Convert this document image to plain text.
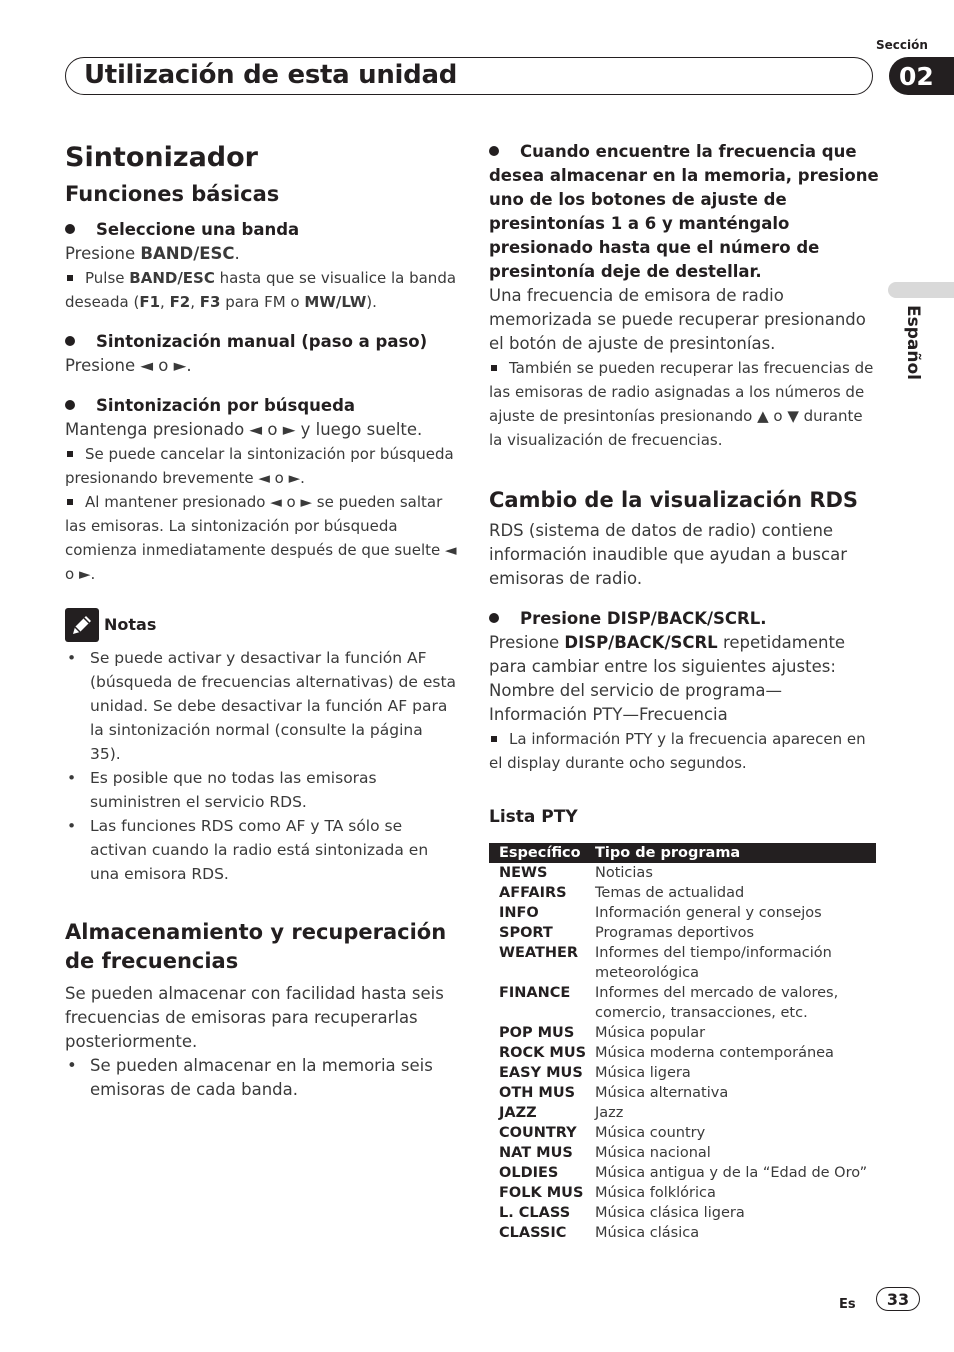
Sección
Utilización de esta unidad	02
Español
Sintonizador
Funciones básicas

Seleccione una banda

Presione BAND/ESC.

Pulse BAND/ESC hasta que se visualice la banda deseada (F1, F2, F3 para FM o MW/LW).

Sintonización manual (paso a paso)

Presione ◄ o ►.

Sintonización por búsqueda

Mantenga presionado ◄ o ► y luego suelte.

Se puede cancelar la sintonización por búsqueda presionando brevemente ◄ o ►.

Al mantener presionado ◄ o ► se pueden saltar las emisoras. La sintonización por búsqueda comienza inmediatamente después de que suelte ◄ o ►.

Notas
• Se puede activar y desactivar la función AF (búsqueda de frecuencias alternativas) de esta unidad. Se debe desactivar la función AF para la sintonización normal (consulte la página 35).
• Es posible que no todas las emisoras suministren el servicio RDS.
• Las funciones RDS como AF y TA sólo se activan cuando la radio está sintonizada en una emisora RDS.
Almacenamiento y recuperación de frecuencias

Se pueden almacenar con facilidad hasta seis frecuencias de emisoras para recuperarlas posteriormente.

• Se pueden almacenar en la memoria seis emisoras de cada banda.

Cuando encuentre la frecuencia que desea almacenar en la memoria, presione uno de los botones de ajuste de presintonías 1 a 6 y manténgalo presionado hasta que el número de presintonía deje de destellar.

Una frecuencia de emisora de radio memorizada se puede recuperar presionando el botón de ajuste de presintonías.

También se pueden recuperar las frecuencias de las emisoras de radio asignadas a los números de ajuste de presintonías presionando ▲ o ▼ durante la visualización de frecuencias.

Cambio de la visualización RDS

RDS (sistema de datos de radio) contiene información inaudible que ayudan a buscar emisoras de radio.

Presione DISP/BACK/SCRL.

Presione DISP/BACK/SCRL repetidamente para cambiar entre los siguientes ajustes: Nombre del servicio de programa—Información PTY—Frecuencia

La información PTY y la frecuencia aparecen en el display durante ocho segundos.

Lista PTY
Específico	Tipo de programa
NEWS	Noticias
AFFAIRS	Temas de actualidad
INFO	Información general y consejos
SPORT	Programas deportivos
WEATHER	Informes del tiempo/información meteorológica
FINANCE	Informes del mercado de valores, comercio, transacciones, etc.
POP MUS	Música popular
ROCK MUS	Música moderna contemporánea
EASY MUS	Música ligera
OTH MUS	Música alternativa
JAZZ	Jazz
COUNTRY	Música country
NAT MUS	Música nacional
OLDIES	Música antigua y de la “Edad de Oro”
FOLK MUS	Música folklórica
L. CLASS	Música clásica ligera
CLASSIC	Música clásica
Es	33
